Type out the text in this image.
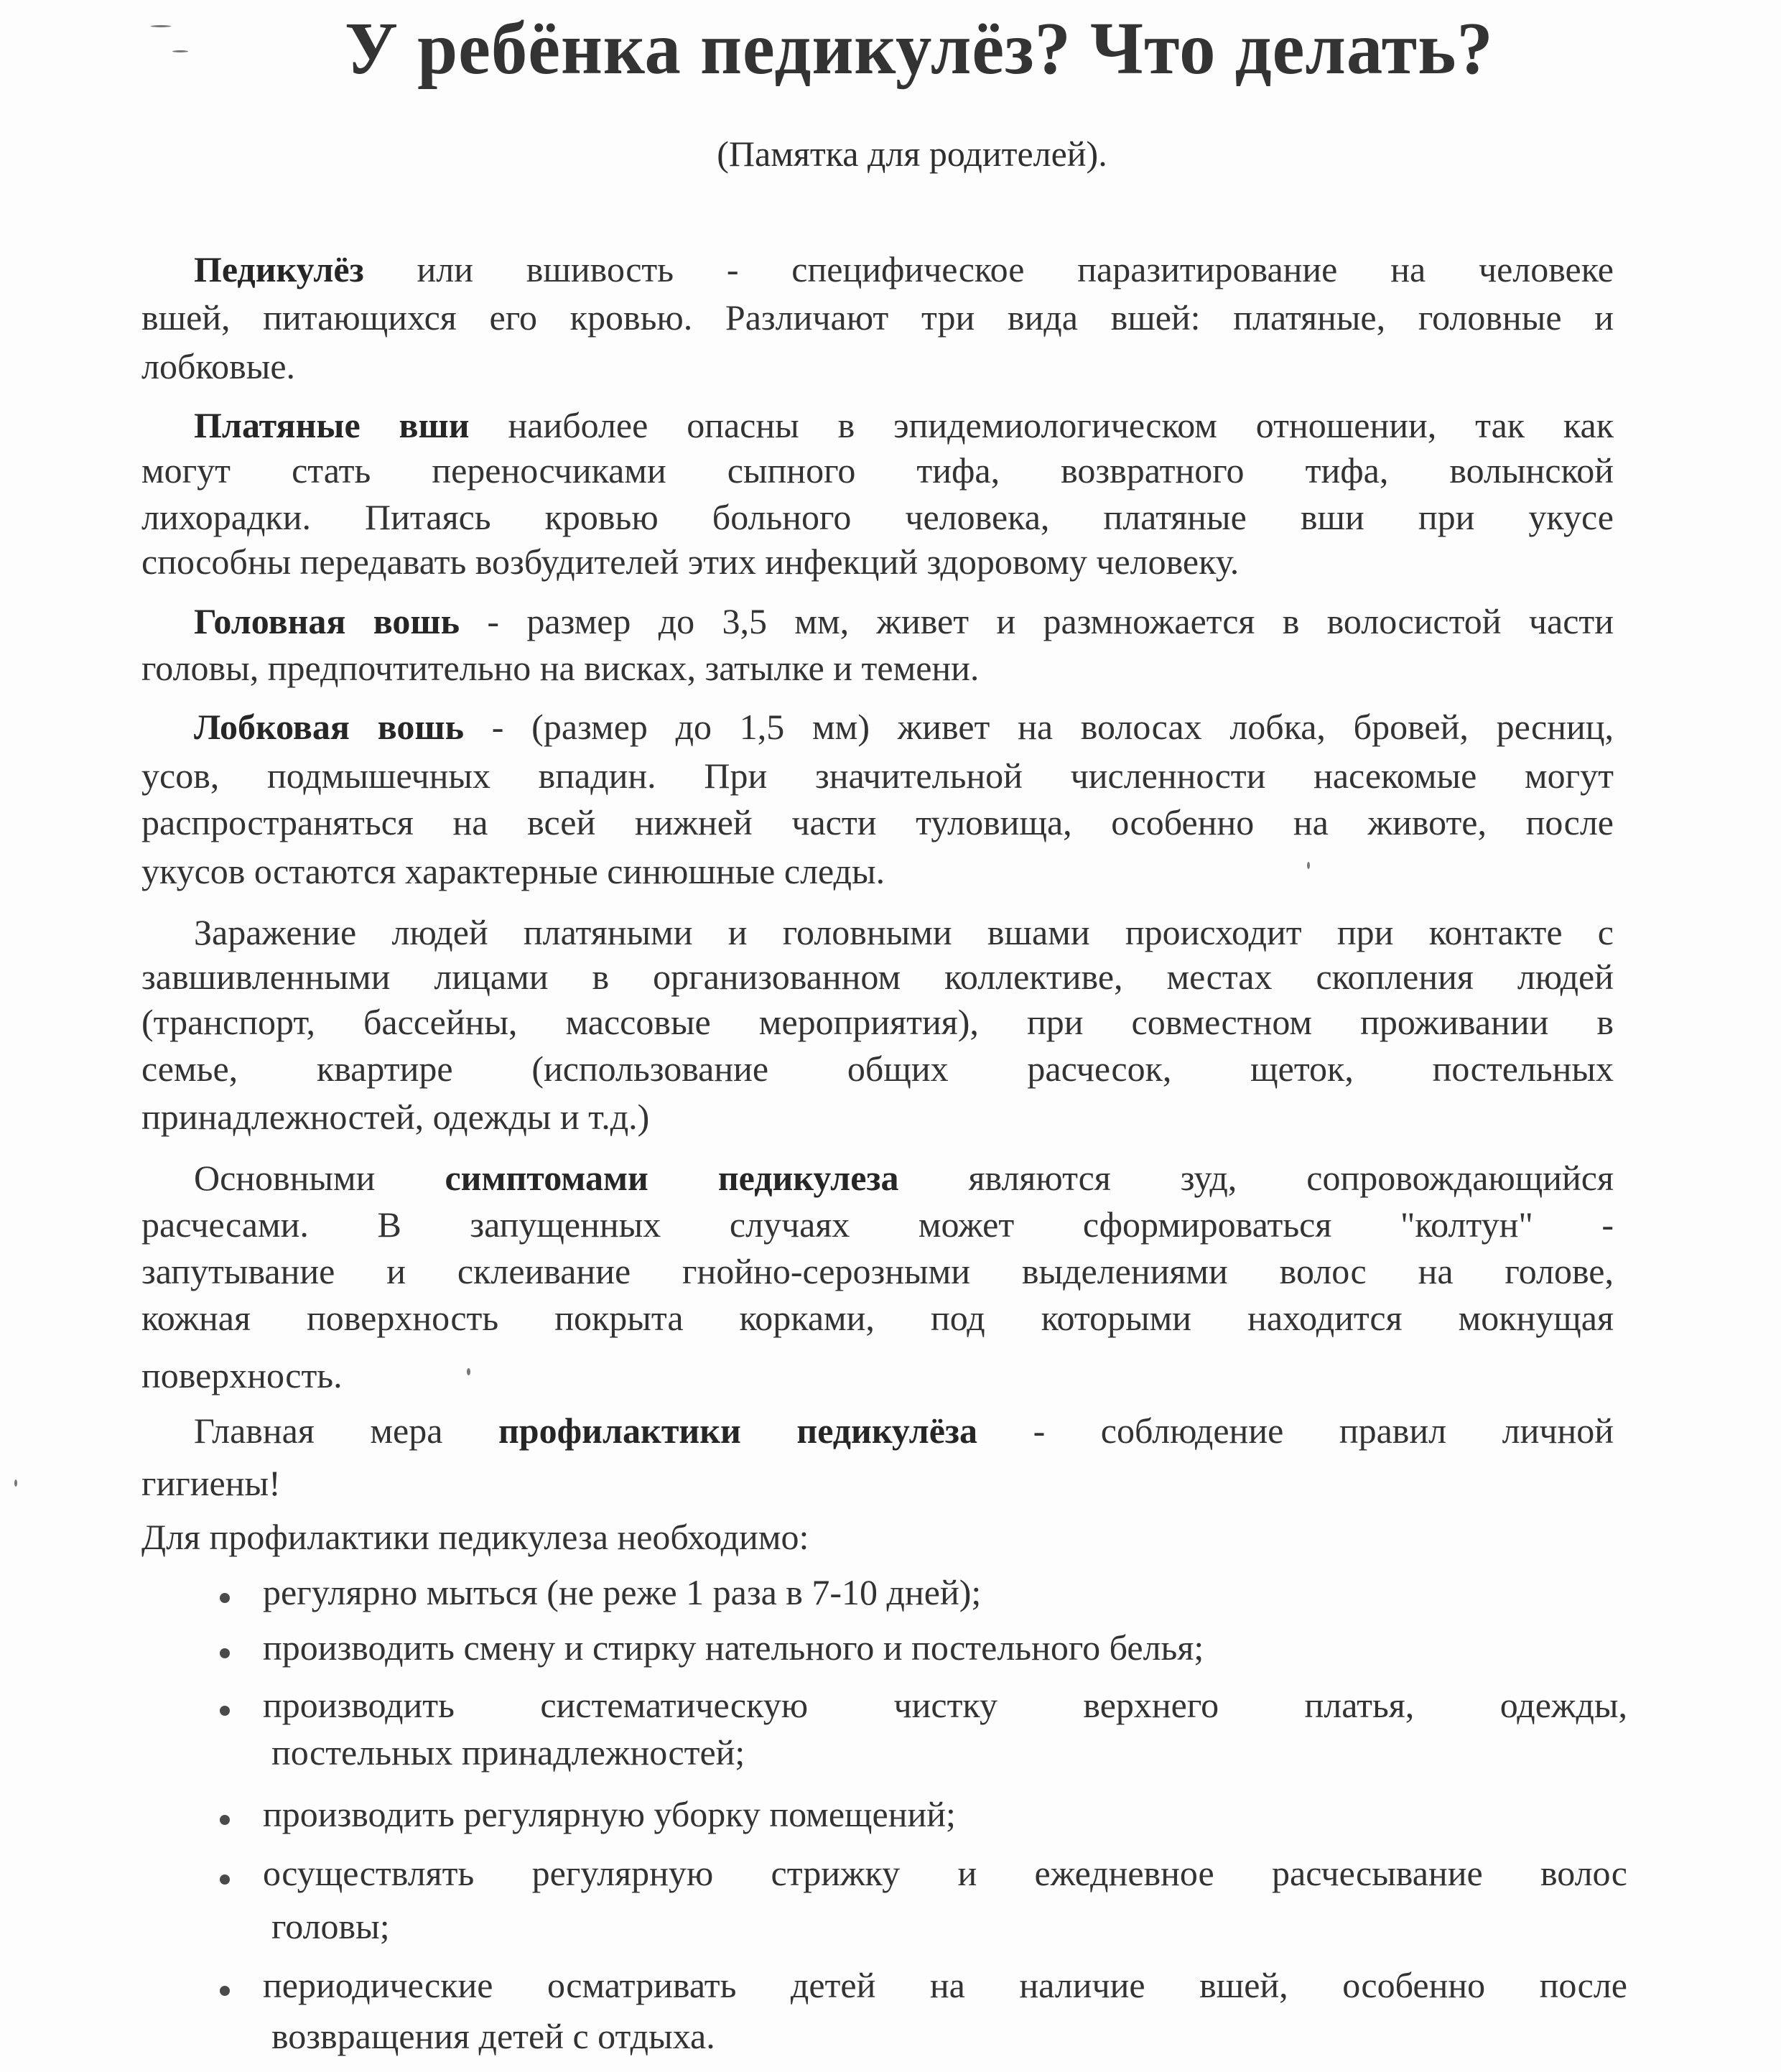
У ребёнка педикулёз? Что делать?
(Памятка для родителей).
Педикулёз или вшивость - специфическое паразитирование на человеке
вшей, питающихся его кровью. Различают три вида вшей: платяные, головные и
лобковые.
Платяные вши наиболее опасны в эпидемиологическом отношении, так как
могут стать переносчиками сыпного тифа, возвратного тифа, волынской
лихорадки. Питаясь кровью больного человека, платяные вши при укусе
способны передавать возбудителей этих инфекций здоровому человеку.
Головная вошь - размер до 3,5 мм, живет и размножается в волосистой части
головы, предпочтительно на висках, затылке и темени.
Лобковая вошь - (размер до 1,5 мм) живет на волосах лобка, бровей, ресниц,
усов, подмышечных впадин. При значительной численности насекомые могут
распространяться на всей нижней части туловища, особенно на животе, после
укусов остаются характерные синюшные следы.
Заражение людей платяными и головными вшами происходит при контакте с
завшивленными лицами в организованном коллективе, местах скопления людей
(транспорт, бассейны, массовые мероприятия), при совместном проживании в
семье, квартире (использование общих расчесок, щеток, постельных
принадлежностей, одежды и т.д.)
Основными симптомами педикулеза являются зуд, сопровождающийся
расчесами. В запущенных случаях может сформироваться "колтун" -
запутывание и склеивание гнойно-серозными выделениями волос на голове,
кожная поверхность покрыта корками, под которыми находится мокнущая
поверхность.
Главная мера профилактики педикулёза - соблюдение правил личной
гигиены!
Для профилактики педикулеза необходимо:
регулярно мыться (не реже 1 раза в 7-10 дней);
производить смену и стирку нательного и постельного белья;
производить систематическую чистку верхнего платья, одежды,
постельных принадлежностей;
производить регулярную уборку помещений;
осуществлять регулярную стрижку и ежедневное расчесывание волос
головы;
периодические осматривать детей на наличие вшей, особенно после
возвращения детей с отдыха.
